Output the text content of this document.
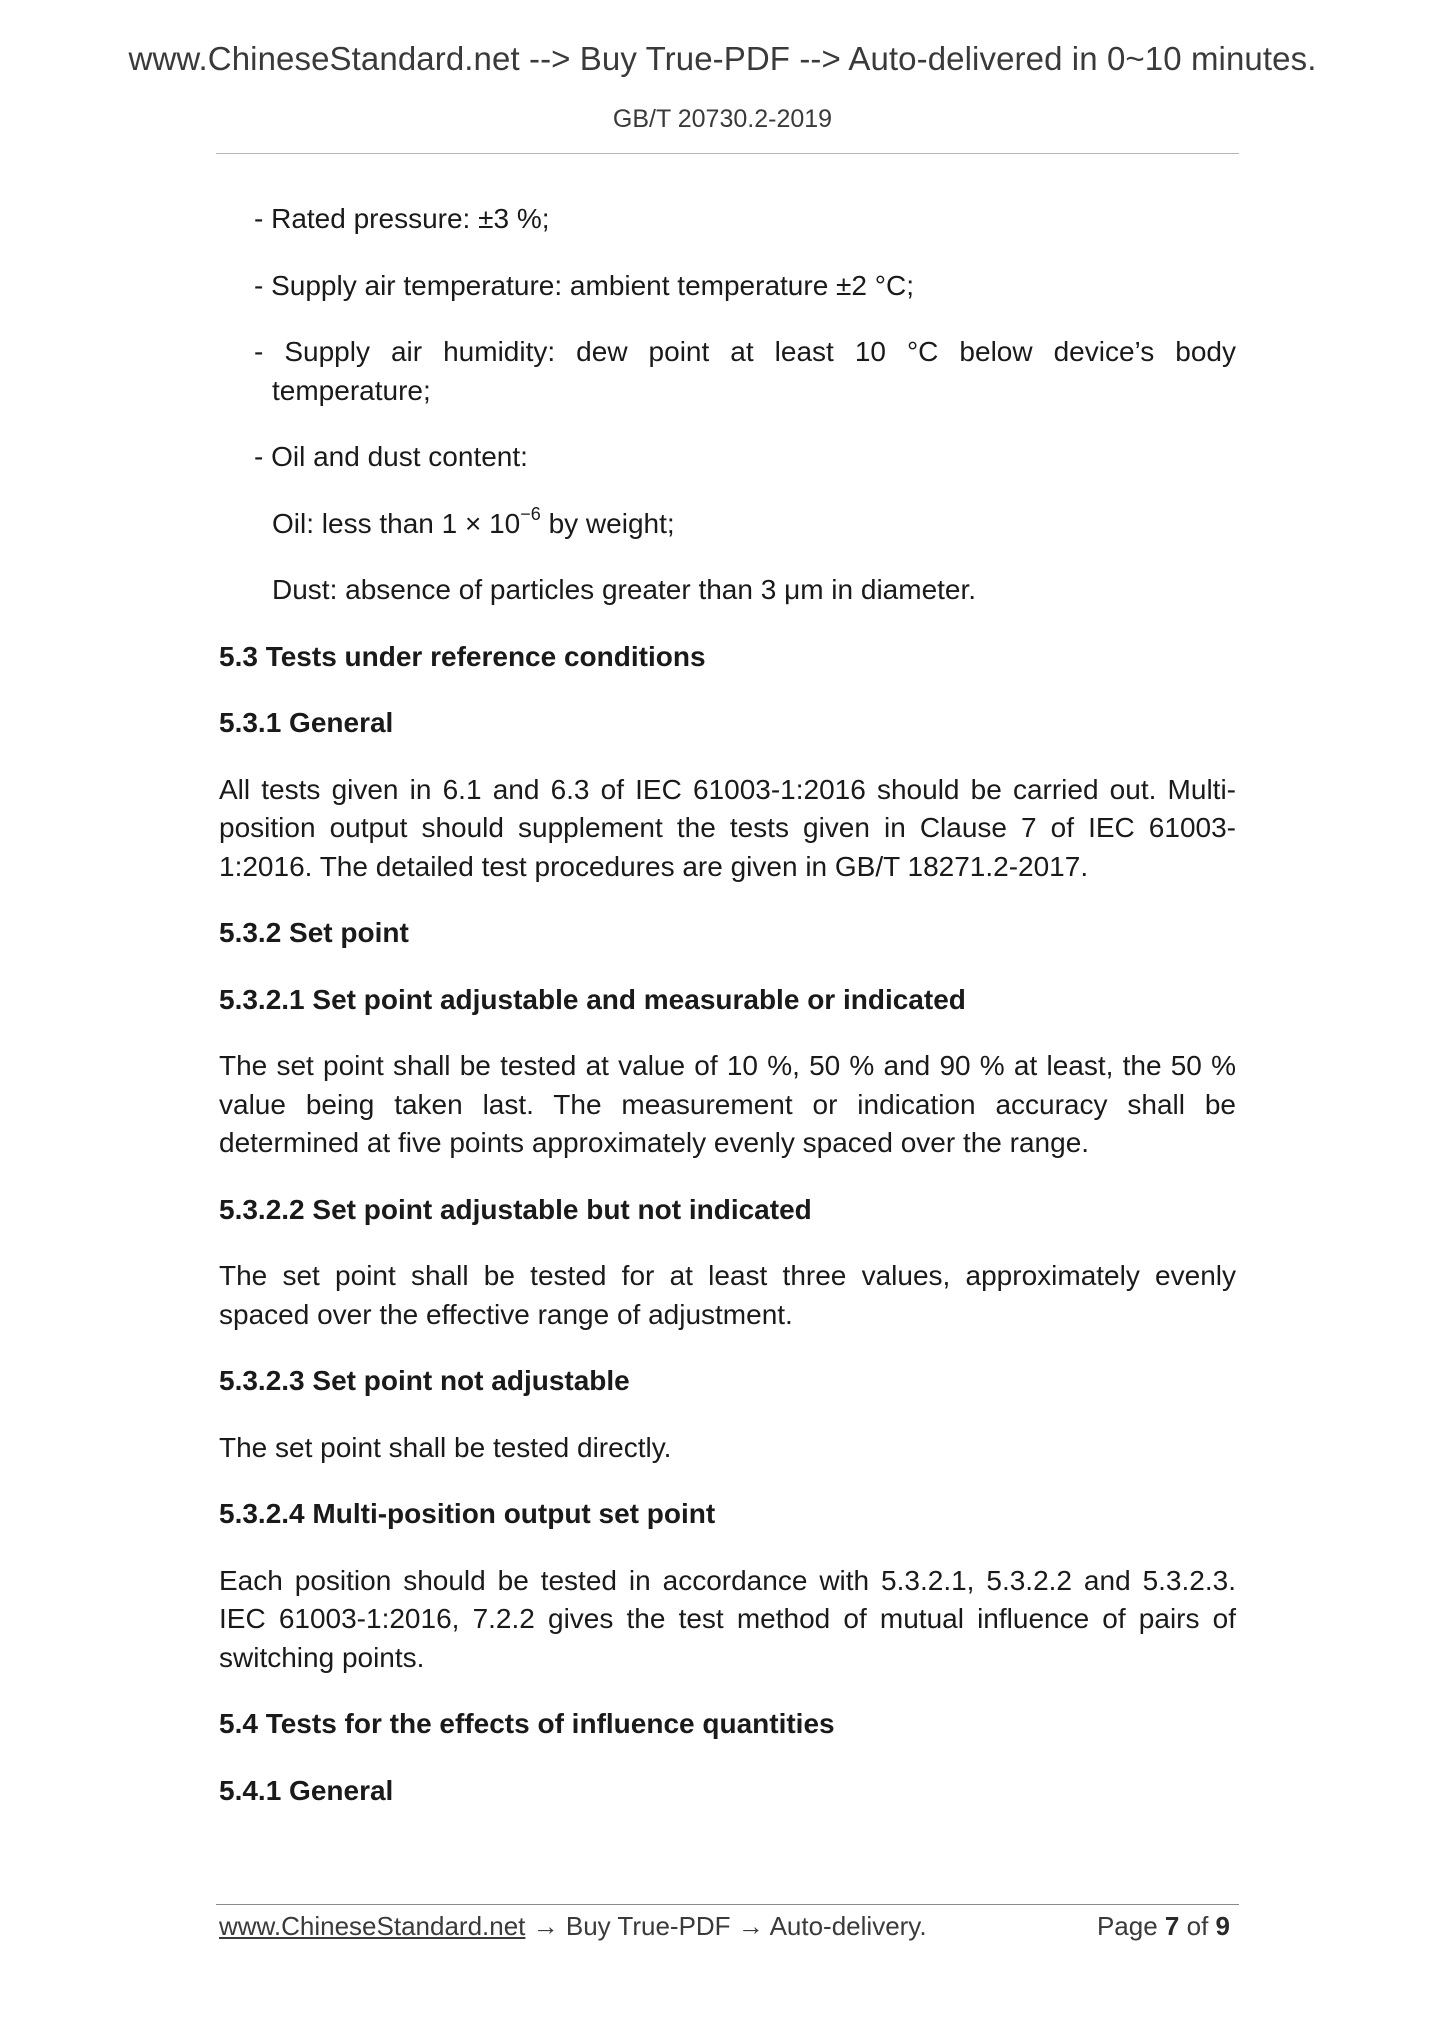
www.ChineseStandard.net --> Buy True-PDF --> Auto-delivered in 0~10 minutes.
GB/T 20730.2-2019

- Rated pressure: ±3 %;

- Supply air temperature: ambient temperature ±2 °C;

- Supply air humidity: dew point at least 10 °C below device’s body temperature;

- Oil and dust content:

Oil: less than $1 \times 10^{-6}$ by weight;

Dust: absence of particles greater than 3 μm in diameter.

5.3 Tests under reference conditions

5.3.1 General

All tests given in 6.1 and 6.3 of IEC 61003-1:2016 should be carried out. Multi-position output should supplement the tests given in Clause 7 of IEC 61003-1:2016. The detailed test procedures are given in GB/T 18271.2-2017.

5.3.2 Set point

5.3.2.1 Set point adjustable and measurable or indicated

The set point shall be tested at value of 10 %, 50 % and 90 % at least, the 50 % value being taken last. The measurement or indication accuracy shall be determined at five points approximately evenly spaced over the range.

5.3.2.2 Set point adjustable but not indicated

The set point shall be tested for at least three values, approximately evenly spaced over the effective range of adjustment.

5.3.2.3 Set point not adjustable

The set point shall be tested directly.

5.3.2.4 Multi-position output set point

Each position should be tested in accordance with 5.3.2.1, 5.3.2.2 and 5.3.2.3. IEC 61003-1:2016, 7.2.2 gives the test method of mutual influence of pairs of switching points.

5.4 Tests for the effects of influence quantities

5.4.1 General

www.ChineseStandard.net → Buy True-PDF → Auto-delivery.	Page 7 of 9
